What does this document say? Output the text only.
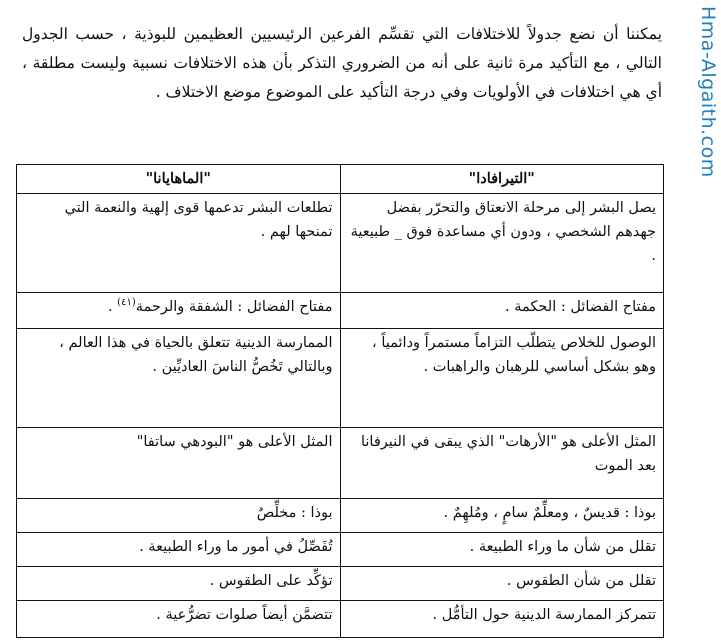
Hma-Algaith.com

يمكننا أن نضع جدولاً للاختلافات التي تقسِّم الفرعين الرئيسيين العظيمين للبوذية ، حسب الجدول التالي ، مع التأكيد مرة ثانية على أنه من الضروري التذكر بأن هذه الاختلافات نسبية وليست مطلقة ، أي هي اختلافات في الأولويات وفي درجة التأكيد على الموضوع موضع الاختلاف .

"التيرافادا"	"الماهايانا"
يصل البشر إلى مرحلة الانعتاق والتحرّر بفضل جهدهم الشخصي ، ودون أي مساعدة فوق _ طبيعية .	تطلعات البشر تدعمها قوى إلهية والنعمة التي تمنحها لهم .
مفتاح الفضائل : الحكمة .	مفتاح الفضائل : الشفقة والرحمة$^{(٤١)}$ .
الوصول للخلاص يتطلّب التزاماً مستمراً ودائمياً ، وهو بشكل أساسي للرهبان والراهبات .	الممارسة الدينية تتعلق بالحياة في هذا العالم ، وبالتالي تَخُصُّ الناسَ العاديِّين .
المثل الأعلى هو "الأرهات" الذي يبقى في النيرفانا بعد الموت	المثل الأعلى هو "البودهي ساتفا"
بوذا : قديسٌ ، ومعلِّمٌ سامٍ ، ومُلهِمٌ .	بوذا : مخلِّصٌ
تقلل من شأن ما وراء الطبيعة .	تُفَصِّلُ في أمور ما وراء الطبيعة .
تقلل من شأن الطقوس .	تؤكِّد على الطقوس .
تتمركز الممارسة الدينية حول التأمُّل .	تتضمَّن أيضاً صلوات تضرُّعية .
